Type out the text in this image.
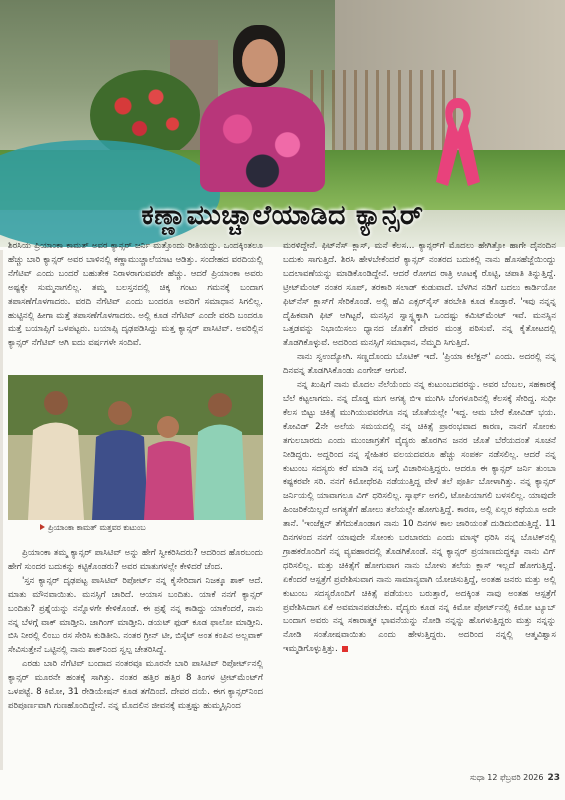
ಕಣ್ಣಾಮುಚ್ಚಾಲೆಯಾಡಿದ ಕ್ಯಾನ್ಸರ್

ಶಿರಸಿಯ ಪ್ರಿಯಾಂಕಾ ಕಾಮತ್ ಅವರ ಕ್ಯಾನ್ಸರ್ ಜರ್ನಿ ಮತ್ತೊಂದು ರೀತಿಯದ್ದು. ಒಂದಕ್ಕಿಂತಲೂ ಹೆಚ್ಚು ಬಾರಿ ಕ್ಯಾನ್ಸರ್ ಅವರ ಬಾಳಿನಲ್ಲಿ ಕಣ್ಣಾಮುಚ್ಚಾಲೆಯಾಟ ಆಡಿತ್ತು. ಸಂದೇಹದ ವರದಿಯಲ್ಲಿ ನೆಗೆಟಿವ್ ಎಂದು ಬಂದರೆ ಬಹುತೇಕ ನಿರಾಳರಾಗುವವರೇ ಹೆಚ್ಚು. ಆದರೆ ಪ್ರಿಯಾಂಕಾ ಅವರು ಅಷ್ಟಕ್ಕೇ ಸುಮ್ಮನಾಗಲಿಲ್ಲ. ತಮ್ಮ ಬಲಸ್ತನದಲ್ಲಿ ಚಿಕ್ಕ ಗಂಟು ಗಮನಕ್ಕೆ ಬಂದಾಗ ತಪಾಸಣೆಗೊಳಗಾದರು. ವರದಿ ನೆಗೆಟಿವ್ ಎಂದು ಬಂದರೂ ಅವರಿಗೆ ಸಮಾಧಾನ ಸಿಗಲಿಲ್ಲ. ಹುಟ್ಟಿನಲ್ಲಿ ಹೀಗಾ ಮತ್ತೆ ತಪಾಸಣೆಗೊಳಗಾದರು. ಅಲ್ಲಿ ಕೂಡ ನೆಗೆಟಿವ್ ಎಂದೇ ವರದಿ ಬಂದರೂ ಮತ್ತೆ ಬಯಾಪ್ಸಿಗೆ ಒಳಪಟ್ಟರು. ಬಯಾಪ್ಸಿ ದೃಢಪಡಿಸಿದ್ದು ಮತ್ತ ಕ್ಯಾನ್ಸರ್ ಪಾಸಿಟಿವ್. ಅವರಿಲ್ಲಿನ ಕ್ಯಾನ್ಸರ್ ನೆಗೆಟಿವ್ ಆಗಿ ಐದು ವರ್ಷಗಳೇ ಸಂದಿವೆ.

ಪ್ರಿಯಾಂಕಾ ಕಾಮತ್ ಮತ್ತವರ ಕುಟುಂಬ

ಪ್ರಿಯಾಂಕಾ ತಮ್ಮ ಕ್ಯಾನ್ಸರ್ ಪಾಸಿಟಿವ್ ಅನ್ನು ಹೇಗೆ ಸ್ವೀಕರಿಸಿದರು? ಆದರಿಂದ ಹೊರಬಂದು ಹೇಗೆ ಸುಂದರ ಬದುಕನ್ನು ಕಟ್ಟಿಕೊಂಡರು? ಅವರ ಮಾತುಗಳಲ್ಲೇ ಕೇಳಿದರೆ ಚೆಂದ.

'ಸ್ತನ ಕ್ಯಾನ್ಸರ್ ದೃಢಪಟ್ಟ ಪಾಸಿಟಿವ್ ರಿಪೋರ್ಟ್ ನನ್ನ ಕೈಸೇರಿದಾಗ ನಿಜಕ್ಕೂ ಶಾಕ್ ಆದೆ. ಮಾತು ಮೌನವಾಯಿತು. ಮನಸ್ಸಿಗೆ ಚಾರಿದೆ. ಆಯಾಸ ಬಂದಿತು. ಯಾಕೆ ನನಗೆ ಕ್ಯಾನ್ಸರ್ ಬಂದಿತು? ಪ್ರಶ್ನೆಯನ್ನು ನನ್ನೊಳಗೇ ಕೇಳಿಕೊಂಡೆ. ಈ ಪ್ರಶ್ನೆ ನನ್ನ ಕಾಡಿದ್ದು ಯಾಕೆಂದರೆ, ನಾನು ನನ್ನ ಬೆಳಗ್ಗೆ ವಾಕ್ ಮಾಡ್ತೀನಿ. ಜಾಗಿಂಗ್ ಮಾಡ್ತೀನಿ. ಡಯಟ್ ಫುಡ್ ಕೂಡ ಫಾಲೋ ಮಾಡ್ತೀನಿ. ಬಿಸಿ ನೀರಲ್ಲಿ ಲಿಂಬು ರಸ ಸೇರಿಸಿ ಕುಡಿತೀನಿ. ನಂತರ ಗ್ರೀನ್ ಟೀ, ಬಿಸ್ಕೆಟ್ ಅಂತ ಕಂಪಿನ ಅಲ್ಲವಾಕ್ ಸೇವಿಸುತ್ತೇನೆ ಒಟ್ಟಿನಲ್ಲಿ ನಾನು ಶಾಕ್‌ನಿಂದ ಸ್ವಲ್ಪ ಚೇತರಿಸಿದ್ದೆ.

ಎರಡು ಬಾರಿ ನೆಗೆಟಿವ್ ಬಂದಾದ ನಂತರವೂ ಮೂರನೇ ಬಾರಿ ಪಾಸಿಟಿವ್ ರಿಪೋರ್ಟ್‌ನಲ್ಲಿ ಕ್ಯಾನ್ಸರ್ ಮೂರನೇ ಹಂತಕ್ಕೆ ಸಾಗಿತ್ತು. ನಂತರ ಹತ್ತಿರ ಹತ್ತಿರ 8 ತಿಂಗಳ ಟ್ರೀಟ್‌ಮೆಂಟ್‌ಗೆ ಒಳಪಟ್ಟೆ. 8 ಕಿಮೋ, 31 ರೇಡಿಯೇಷನ್ ಕೂಡ ತಗೆದಿಂದೆ. ದೇವರ ದಯೆ. ಈಗ ಕ್ಯಾನ್ಸರ್‌ನಿಂದ ಪರಿಪೂರ್ಣವಾಗಿ ಗುಣಹೊಂದಿದ್ದೇನೆ. ನನ್ನ ಮೊದಲಿನ ಜೀವನಕ್ಕೆ ಮತ್ತಷ್ಟು ಹುಮ್ಮಸ್ಸಿನಿಂದ

ಮರಳಿದ್ದೇನೆ. ಫಿಟ್‌ನೆಸ್ ಕ್ಲಾಸ್, ಮನೆ ಕೆಲಸ... ಕ್ಯಾನ್ಸರ್‌ಗೆ ಮೊದಲು ಹೇಗಿತ್ತೋ ಹಾಗೇ ದೈನಂದಿನ ಬದುಕು ಸಾಗುತ್ತಿದೆ. ಶಿರಸಿ ಹೇಳಬೇಕೆಂದರೆ ಕ್ಯಾನ್ಸರ್ ನಂತರದ ಬದುಕಲ್ಲಿ ನಾನು ಹೊಸಹೆಜ್ಜೆಯಿಂದ್ದು ಬದಲಾವಣೆಯನ್ನು ಮಾಡಿಕೊಂಡಿದ್ದೇನೆ. ಆದರೆ ರೋಗದ ರಾತ್ರಿ ಊಟಕ್ಕೆ ರೊಟ್ಟಿ, ಚಪಾತಿ ತಿನ್ನುತ್ತಿದ್ದೆ. ಟ್ರೀಟ್‌ಮೆಂಟ್ ನಂತರ ಸೂಪ್, ತರಕಾರಿ ಸಲಾಡ್ ಕುಡುವಾದೆ. ಬೆಳಗಿನ ನಡಿಗೆ ಬದಲು ಕಾರ್ಡಿಯೋ ಫಿಟ್‌ನೆಸ್ ಕ್ಲಾಸ್‌ಗೆ ಸೇರಿಕೊಂಡೆ. ಅಲ್ಲಿ ಹೆವಿ ಎಕ್ಸರ್‌ಸೈಸ್ ತರಬೇತಿ ಕೂಡ ಕೊಡ್ತಾರೆ. 'ಇವು ನನ್ನನ್ನ ದೈಹಿಕವಾಗಿ ಫಿಟ್ ಆಗಿಟ್ಟರೆ, ಮನಸ್ಸಿನ ಸ್ವಾಸ್ಥ್ಯಕ್ಕಾಗಿ ಒಂದಷ್ಟು ಕಮಿಟ್‌ಮೆಂಟ್ ಇವೆ. ಮನಸ್ಸಿನ ಒತ್ತಡವನ್ನು ನಿಭಾಯಿಸಲು ಧ್ಯಾನದ ಜೊತೆಗೆ ದೇವರ ಮಂತ್ರ ಪಠಿಸುವೆ. ನನ್ನ ಕೈತೋಟದಲ್ಲಿ ತೊಡಗಿಕೊಳ್ಳುವೆ. ಅದರಿಂದ ಮನಸ್ಸಿಗೆ ಸಮಾಧಾನ, ನೆಮ್ಮದಿ ಸಿಗುತ್ತಿದೆ.

ನಾನು ಸ್ವಉದ್ಯೋಗಿ. ಸಣ್ಣದೊಂದು ಬೊಟಿಕ್ ಇದೆ. 'ಪ್ರಿಯಾ ಕಲೆಕ್ಷನ್' ಎಂದು. ಅದರಲ್ಲಿ ನನ್ನ ದಿನವನ್ನ ತೊಡಗಿಸಿಕೊಂಡು ಎಂಗೇಜ್ ಆಗುವೆ.

ನನ್ನ ಖುಷಿಗೆ ನಾನು ಮೊದಲ ನೆಲೆಯೆಂದು ನನ್ನ ಕುಟುಂಬದವರನ್ನು. ಅವರ ಬೆಂಬಲ, ಸಹಕಾರಕ್ಕೆ ಬೆಲೆ ಕಟ್ಟಲಾಗದು. ನನ್ನ ದೊಡ್ಡ ಮಗ ಅಗತ್ಯ ಬಿಇ ಮುಗಿಸಿ ಬೆಂಗಳೂರಿನಲ್ಲಿ ಕೆಲಸಕ್ಕೆ ಸೇರಿದ್ದ. ಸುಧೀ ಕೆಲಸ ಬಿಟ್ಟು ಚಿಕಿತ್ಸೆ ಮುಗಿಯುವವರೆಗೂ ನನ್ನ ಜೊತೆಯಲ್ಲೇ 'ಇದ್ದ. ಆಮ ಬೇರೆ ಕೋವಿಡ್ ಭಯ. ಕೋವಿಡ್ 2ನೇ ಅಲೆಯ ಸಮಯದಲ್ಲಿ ನನ್ನ ಚಿಕಿತ್ಸೆ ಪ್ರಾರಂಭವಾದ ಕಾರಣ, ನಾನಗೆ ಸೋಂಕು ತಗುಲಬಾರದು ಎಂದು ಮುಂಜಾಗ್ರತೆಗೆ ವೈದ್ಯರು ಹೊರಗಿನ ಜನರ ಜೊತೆ ಬೆರೆಯದಂತೆ ಸೂಚನೆ ನೀಡಿದ್ದರು. ಅದ್ದರಿಂದ ನನ್ನ ಸ್ನೇಹಿತರ ವಲಯದವರೂ ಹೆಚ್ಚು ಸಂಪರ್ಕ ನಡೆಸಲಿಲ್ಲ. ಆದರೆ ನನ್ನ ಕುಟುಂಬ ಸದಸ್ಯರು ಕರೆ ಮಾಡಿ ನನ್ನ ಬಗ್ಗೆ ವಿಚಾರಿಸುತ್ತಿದ್ದರು. ಆದರೂ ಈ ಕ್ಯಾನ್ಸರ್ ಜರ್ನಿ ತುಂಬಾ ಕಷ್ಟಕರವೇ ಸರಿ. ನನಗೆ ಕಿಮೋಥೆರಪಿ ನಡೆಯುತ್ತಿದ್ದ ವೇಳೆ ತಲೆ ಪೂರ್ತಿ ಬೋಳಾಗಿತ್ತು. ನನ್ನ ಕ್ಯಾನ್ಸರ್ ಜರ್ನಿಯಲ್ಲಿ ಯಾವಾಗಲೂ ವಿಗ್ ಧರಿಸಲಿಲ್ಲ. ಸ್ಕಾರ್ಫ್ ಅಗಲಿ, ಟೋಪಿಯಾಗಲಿ ಬಳಸಲಿಲ್ಲ. ಯಾವುದೇ ಹಿಂಜರಿಕೆಯಿಲ್ಲದೆ ಅಗತ್ಯತೆಗೆ ಹೋಲು ತಲೆಯಲ್ಲೇ ಹೋಗುತ್ತಿದ್ದೆ. ಕಾರಣ, ಅಲ್ಲಿ ಏಲ್ಲರ ಕಥೆಯೂ ಅದೇ ತಾನೆ. 'ಇಂಜೆಕ್ಷನ್ ತೆಗೆದುಕೊಂಡಾಗ ನಾನು 10 ದಿನಗಳ ಕಾಲ ಜಾರಿಯಂತೆ ದುಡಿದುಬಿಡುತ್ತಿದ್ದೆ. 11 ದಿನಗಳಂದ ನನಗೆ ಯಾವುದೇ ಸೋಂಕು ಬರಬಾರದು ಎಂದು ಮಾಸ್ಕ್ ಧರಿಸಿ ನನ್ನ ಬೊಟಿಕ್‌ನಲ್ಲಿ ಗ್ರಾಹಕರೊಂದಿಗೆ ನನ್ನ ವ್ಯವಹಾರದಲ್ಲಿ ತೊಡಗಿಕೊಂಡೆ. ನನ್ನ ಕ್ಯಾನ್ಸರ್ ಪ್ರಯಾಣದುದ್ದಕ್ಕೂ ನಾನು ವಿಗ್ ಧರಿಸಲಿಲ್ಲ. ಮತ್ತು ಚಿಕಿತ್ಸೆಗೆ ಹೋಗುವಾಗ ನಾನು ಬೋಳು ತಲೆಯ ಕ್ಲಾಸ್ ಇಲ್ಲದೆ ಹೋಗುತ್ತಿದ್ದೆ. ಏಕೆಂದರೆ ಆಸ್ಪತ್ರೆಗೆ ಪ್ರವೇಶಿಸುವಾಗ ನಾನು ಸಾಮಾನ್ಯವಾಗಿ ಯೋಚಿಸುತ್ತಿದ್ದೆ, ಅಂತಹ ಜನರು ಮತ್ತು ಅಲ್ಲಿ ಕುಟುಂಬ ಸದಸ್ಯರೊಂದಿಗೆ ಚಿಕಿತ್ಸೆ ಪಡೆಯಲು ಬರುತ್ತಾರೆ, ಅದಕ್ಕಿಂತ ನಾವು ಅಂತಹ ಆಸ್ಪತ್ರೆಗೆ ಪ್ರವೇಶಿಸಿದಾಗ ಏಕೆ ಅವಮಾನಪಡಬೇಕು. ವೈದ್ಯರು ಕೂಡ ನನ್ನ ಕಿಮೋ ಪೋರ್ಟ್‌ನಲ್ಲಿ ಕಿಮೋ ಟ್ಯೂಬ್ ಬಂದಾಗ ಅವರು ನನ್ನ ಸಕಾರಾತ್ಮಕ ಭಾವನೆಯನ್ನು ನೋಡಿ ನನ್ನನ್ನು ಹೊಗಳುತ್ತಿದ್ದರು ಮತ್ತು ನನ್ನನ್ನು ನೋಡಿ ಸಂತೋಷವಾಯಿತು ಎಂದು ಹೇಳುತ್ತಿದ್ದರು. ಅದರಿಂದ ನನ್ನಲ್ಲಿ ಆತ್ಮವಿಶ್ವಾಸ ಇಮ್ಮಡಿಗೊಳ್ಳುತ್ತಿತ್ತು.

ಸುಧಾ 12 ಫೆಬ್ರವರಿ 2026 23
